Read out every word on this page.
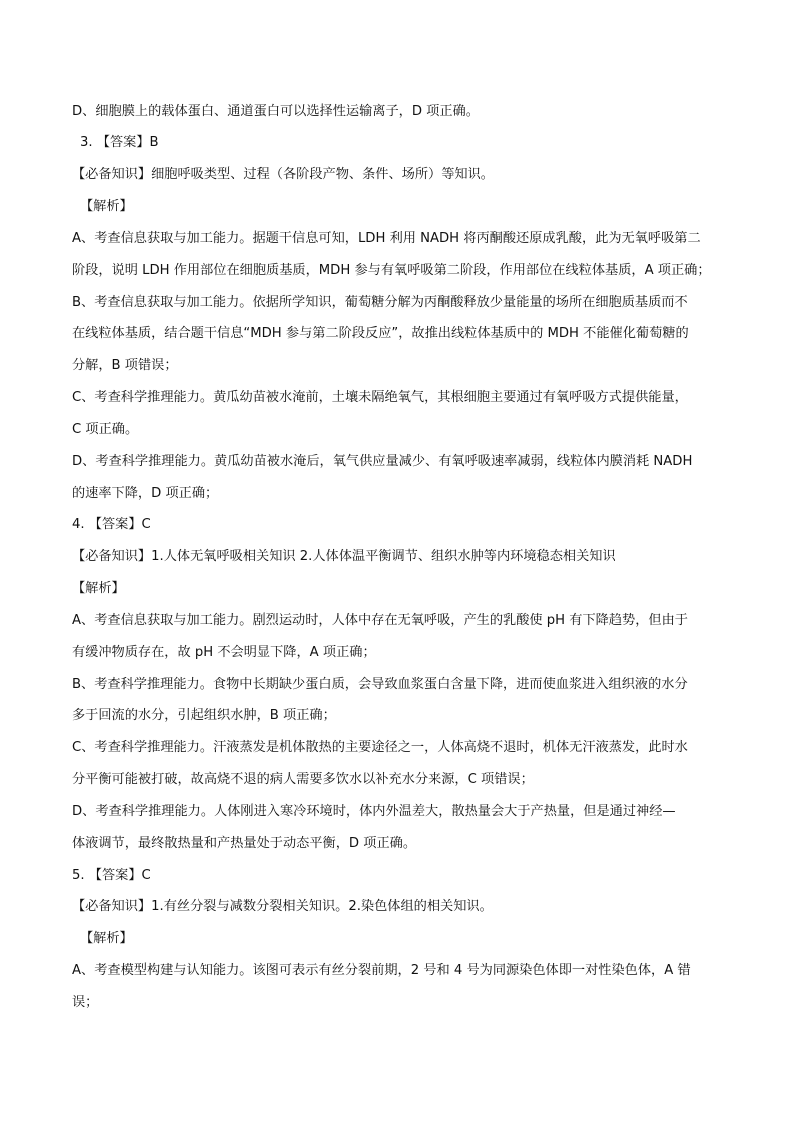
D、细胞膜上的载体蛋白、通道蛋白可以选择性运输离子，D 项正确。
3. 【答案】B
【必备知识】细胞呼吸类型、过程（各阶段产物、条件、场所）等知识。
【解析】
A、考查信息获取与加工能力。据题干信息可知，LDH 利用 NADH 将丙酮酸还原成乳酸，此为无氧呼吸第二
阶段，说明 LDH 作用部位在细胞质基质，MDH 参与有氧呼吸第二阶段，作用部位在线粒体基质，A 项正确；
B、考查信息获取与加工能力。依据所学知识，葡萄糖分解为丙酮酸释放少量能量的场所在细胞质基质而不
在线粒体基质，结合题干信息“MDH 参与第二阶段反应”，故推出线粒体基质中的 MDH 不能催化葡萄糖的
分解，B 项错误；
C、考查科学推理能力。黄瓜幼苗被水淹前，土壤未隔绝氧气，其根细胞主要通过有氧呼吸方式提供能量，
C 项正确。
D、考查科学推理能力。黄瓜幼苗被水淹后，氧气供应量减少、有氧呼吸速率减弱，线粒体内膜消耗 NADH
的速率下降，D 项正确；
4. 【答案】C
【必备知识】1.人体无氧呼吸相关知识 2.人体体温平衡调节、组织水肿等内环境稳态相关知识
【解析】
A、考查信息获取与加工能力。剧烈运动时，人体中存在无氧呼吸，产生的乳酸使 pH 有下降趋势，但由于
有缓冲物质存在，故 pH 不会明显下降，A 项正确；
B、考查科学推理能力。食物中长期缺少蛋白质，会导致血浆蛋白含量下降，进而使血浆进入组织液的水分
多于回流的水分，引起组织水肿，B 项正确；
C、考查科学推理能力。汗液蒸发是机体散热的主要途径之一，人体高烧不退时，机体无汗液蒸发，此时水
分平衡可能被打破，故高烧不退的病人需要多饮水以补充水分来源，C 项错误；
D、考查科学推理能力。人体刚进入寒冷环境时，体内外温差大，散热量会大于产热量，但是通过神经—
体液调节，最终散热量和产热量处于动态平衡，D 项正确。
5. 【答案】C
【必备知识】1.有丝分裂与减数分裂相关知识。2.染色体组的相关知识。
【解析】
A、考查模型构建与认知能力。该图可表示有丝分裂前期，2 号和 4 号为同源染色体即一对性染色体，A 错
误；
